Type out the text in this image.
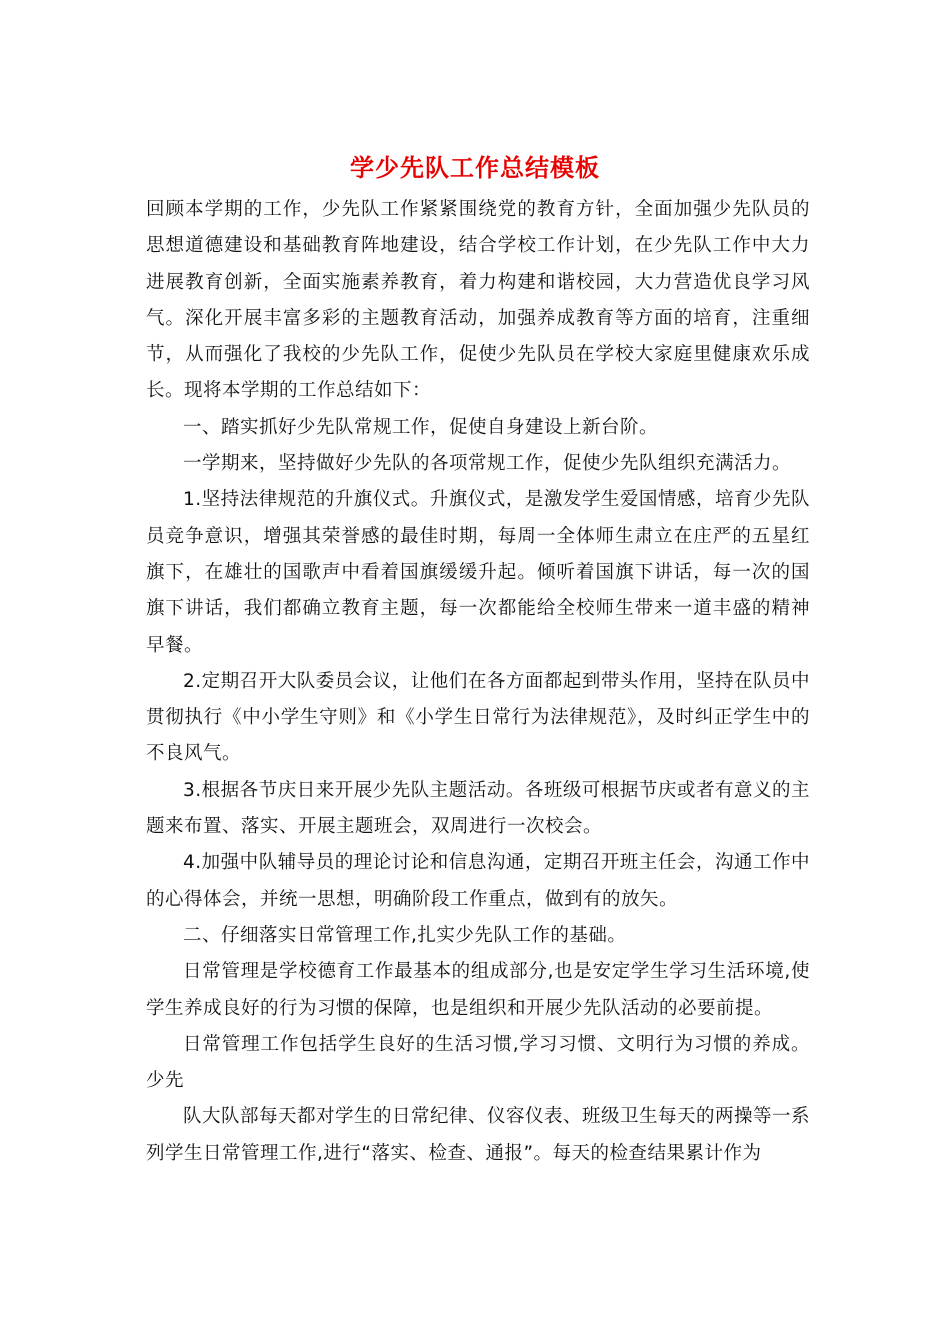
学少先队工作总结模板

回顾本学期的工作，少先队工作紧紧围绕党的教育方针，全面加强少先队员的思想道德建设和基础教育阵地建设，结合学校工作计划，在少先队工作中大力进展教育创新，全面实施素养教育，着力构建和谐校园，大力营造优良学习风气。深化开展丰富多彩的主题教育活动，加强养成教育等方面的培育，注重细节，从而强化了我校的少先队工作，促使少先队员在学校大家庭里健康欢乐成长。现将本学期的工作总结如下：

一、踏实抓好少先队常规工作，促使自身建设上新台阶。

一学期来，坚持做好少先队的各项常规工作，促使少先队组织充满活力。

1.坚持法律规范的升旗仪式。升旗仪式，是激发学生爱国情感，培育少先队员竞争意识，增强其荣誉感的最佳时期，每周一全体师生肃立在庄严的五星红旗下，在雄壮的国歌声中看着国旗缓缓升起。倾听着国旗下讲话，每一次的国旗下讲话，我们都确立教育主题，每一次都能给全校师生带来一道丰盛的精神早餐。

2.定期召开大队委员会议，让他们在各方面都起到带头作用，坚持在队员中贯彻执行《中小学生守则》和《小学生日常行为法律规范》，及时纠正学生中的不良风气。

3.根据各节庆日来开展少先队主题活动。各班级可根据节庆或者有意义的主题来布置、落实、开展主题班会，双周进行一次校会。

4.加强中队辅导员的理论讨论和信息沟通，定期召开班主任会，沟通工作中的心得体会，并统一思想，明确阶段工作重点，做到有的放矢。

二、仔细落实日常管理工作,扎实少先队工作的基础。

日常管理是学校德育工作最基本的组成部分,也是安定学生学习生活环境,使学生养成良好的行为习惯的保障，也是组织和开展少先队活动的必要前提。

日常管理工作包括学生良好的生活习惯,学习习惯、文明行为习惯的养成。少先

队大队部每天都对学生的日常纪律、仪容仪表、班级卫生每天的两操等一系列学生日常管理工作,进行“落实、检查、通报”。每天的检查结果累计作为
